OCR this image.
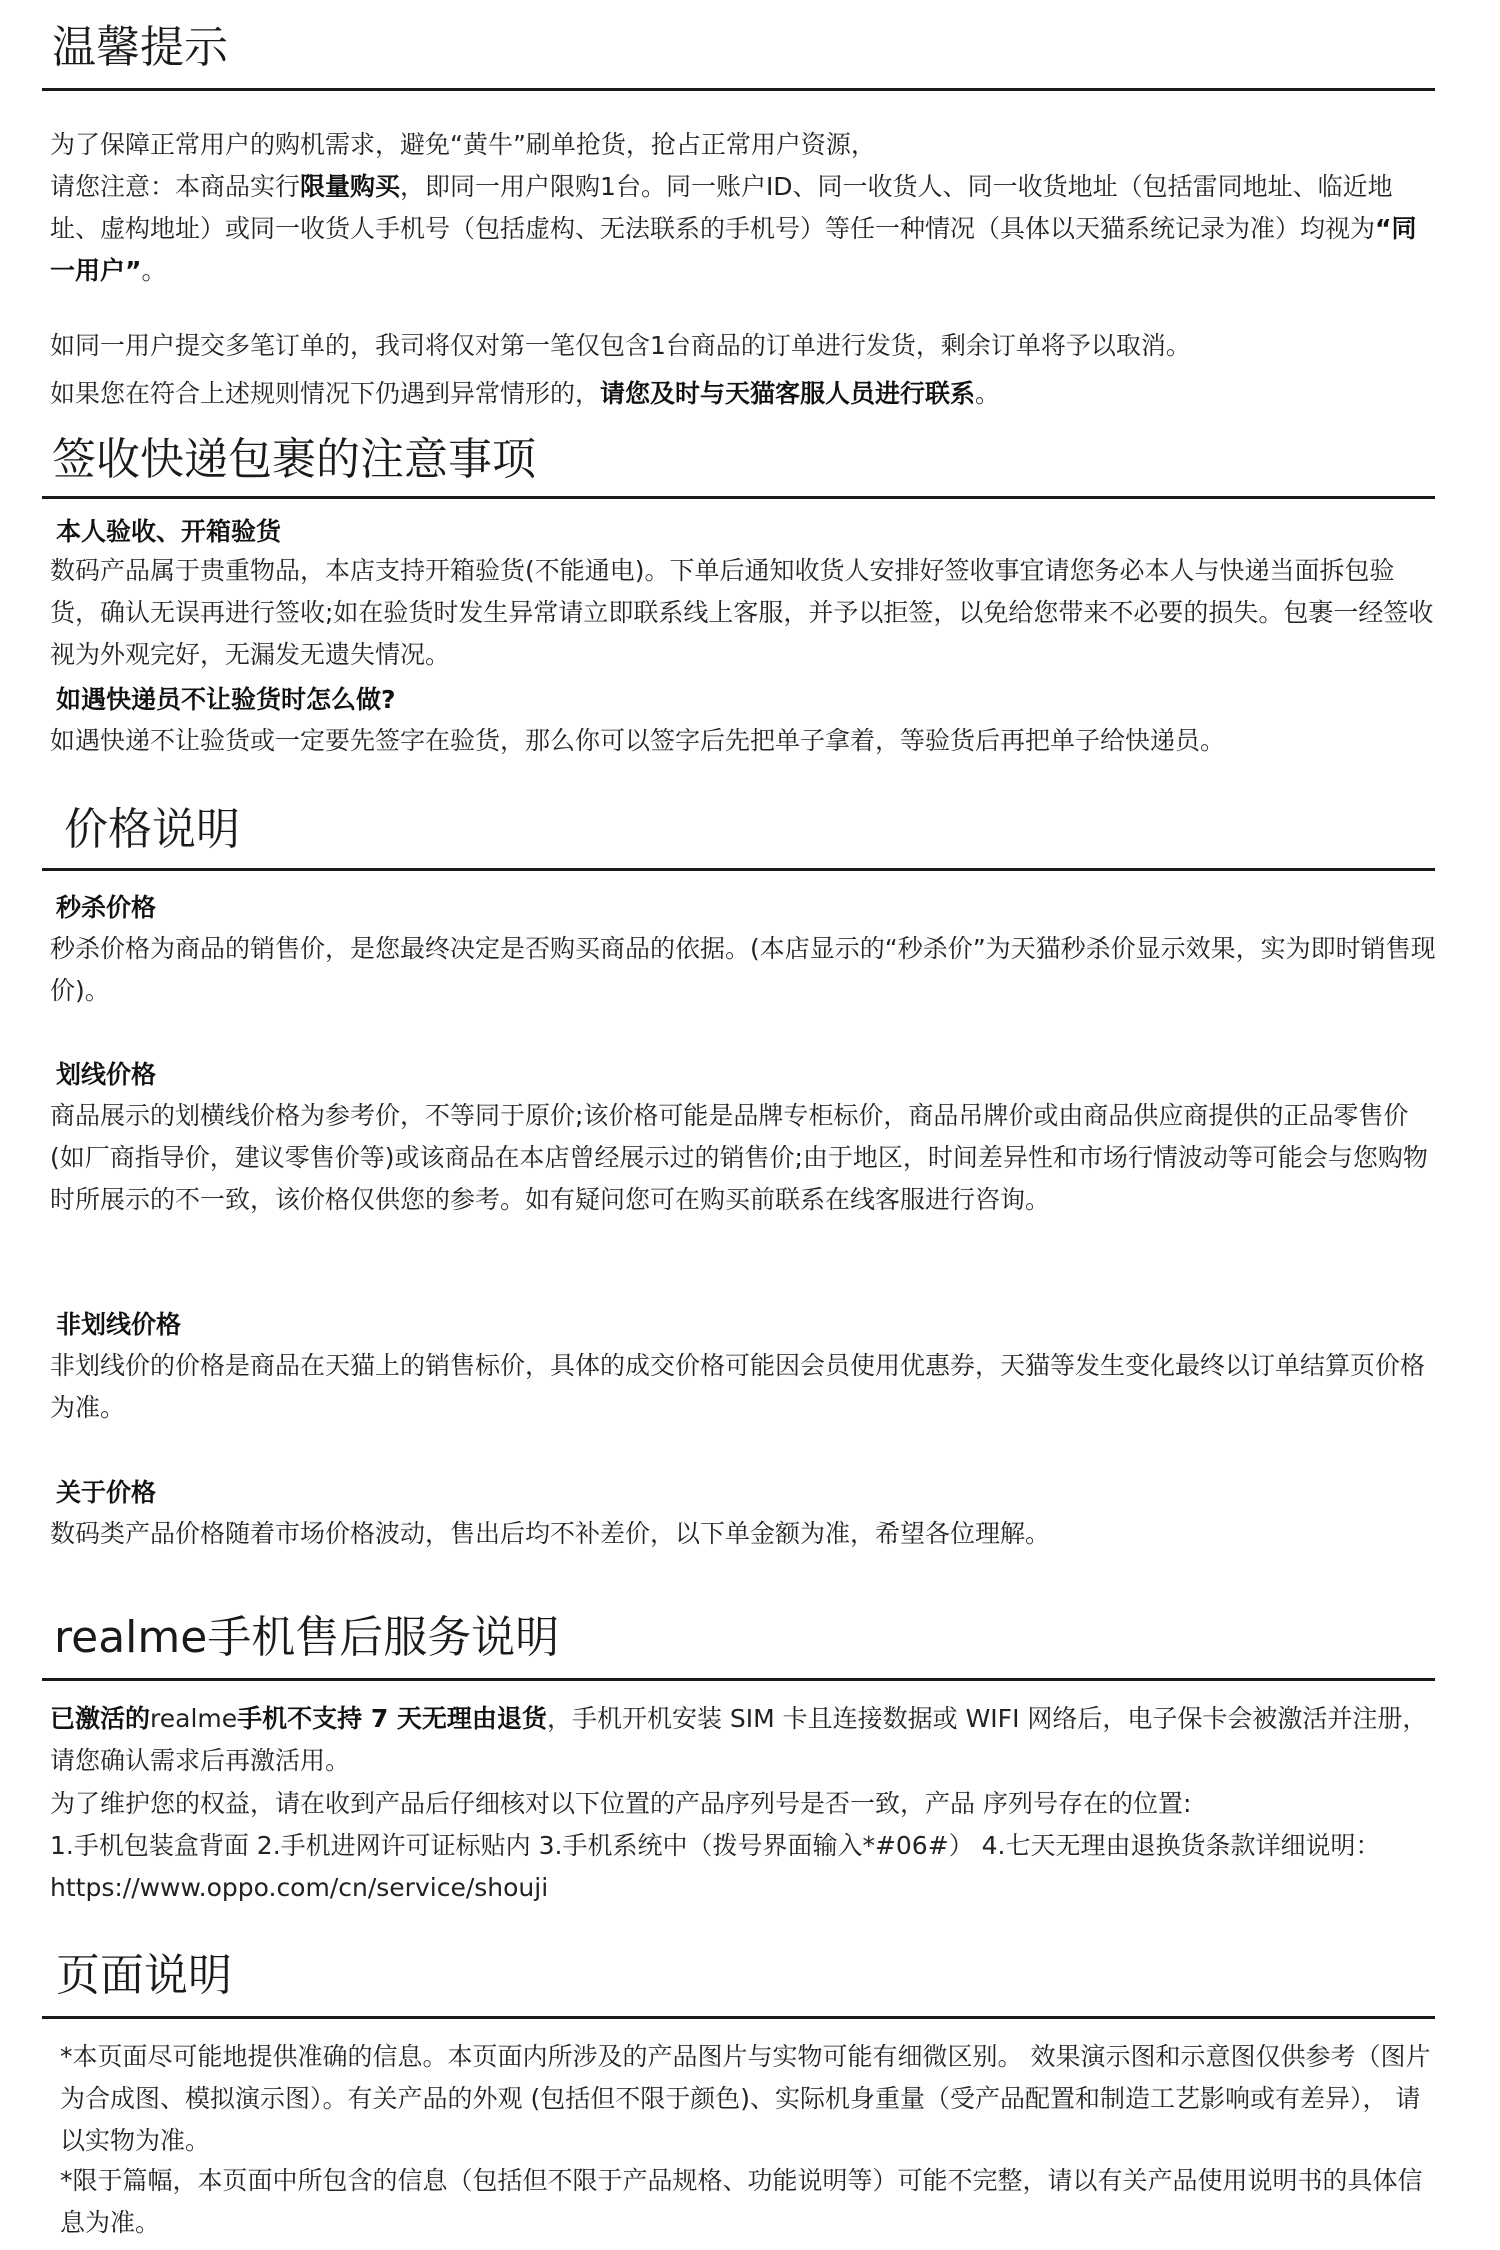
温馨提示

为了保障正常用户的购机需求，避免“黄牛”刷单抢货，抢占正常用户资源，

请您注意：本商品实行限量购买，即同一用户限购1台。同一账户ID、同一收货人、同一收货地址（包括雷同地址、临近地址、虚构地址）或同一收货人手机号（包括虚构、无法联系的手机号）等任一种情况（具体以天猫系统记录为准）均视为“同一用户”。

如同一用户提交多笔订单的，我司将仅对第一笔仅包含1台商品的订单进行发货，剩余订单将予以取消。

如果您在符合上述规则情况下仍遇到异常情形的，请您及时与天猫客服人员进行联系。

签收快递包裹的注意事项

本人验收、开箱验货

数码产品属于贵重物品，本店支持开箱验货(不能通电)。下单后通知收货人安排好签收事宜请您务必本人与快递当面拆包验货，确认无误再进行签收;如在验货时发生异常请立即联系线上客服，并予以拒签，以免给您带来不必要的损失。包裹一经签收视为外观完好，无漏发无遗失情况。

如遇快递员不让验货时怎么做?

如遇快递不让验货或一定要先签字在验货，那么你可以签字后先把单子拿着，等验货后再把单子给快递员。

价格说明

秒杀价格

秒杀价格为商品的销售价，是您最终决定是否购买商品的依据。(本店显示的“秒杀价”为天猫秒杀价显示效果，实为即时销售现价)。

划线价格

商品展示的划横线价格为参考价，不等同于原价;该价格可能是品牌专柜标价，商品吊牌价或由商品供应商提供的正品零售价(如厂商指导价，建议零售价等)或该商品在本店曾经展示过的销售价;由于地区，时间差异性和市场行情波动等可能会与您购物时所展示的不一致，该价格仅供您的参考。如有疑问您可在购买前联系在线客服进行咨询。

非划线价格

非划线价的价格是商品在天猫上的销售标价，具体的成交价格可能因会员使用优惠券，天猫等发生变化最终以订单结算页价格为准。

关于价格

数码类产品价格随着市场价格波动，售出后均不补差价，以下单金额为准，希望各位理解。

realme手机售后服务说明

已激活的realme手机不支持 7 天无理由退货，手机开机安装 SIM 卡且连接数据或 WIFI 网络后，电子保卡会被激活并注册，请您确认需求后再激活用。

为了维护您的权益，请在收到产品后仔细核对以下位置的产品序列号是否一致，产品 序列号存在的位置:

1.手机包装盒背面 2.手机进网许可证标贴内 3.手机系统中（拨号界面输入*#06#） 4.七天无理由退换货条款详细说明：https://www.oppo.com/cn/service/shouji

页面说明

*本页面尽可能地提供准确的信息。本页面内所涉及的产品图片与实物可能有细微区别。 效果演示图和示意图仅供参考（图片为合成图、模拟演示图）。有关产品的外观 (包括但不限于颜色)、实际机身重量（受产品配置和制造工艺影响或有差异）， 请以实物为准。

*限于篇幅，本页面中所包含的信息（包括但不限于产品规格、功能说明等）可能不完整，请以有关产品使用说明书的具体信息为准。
